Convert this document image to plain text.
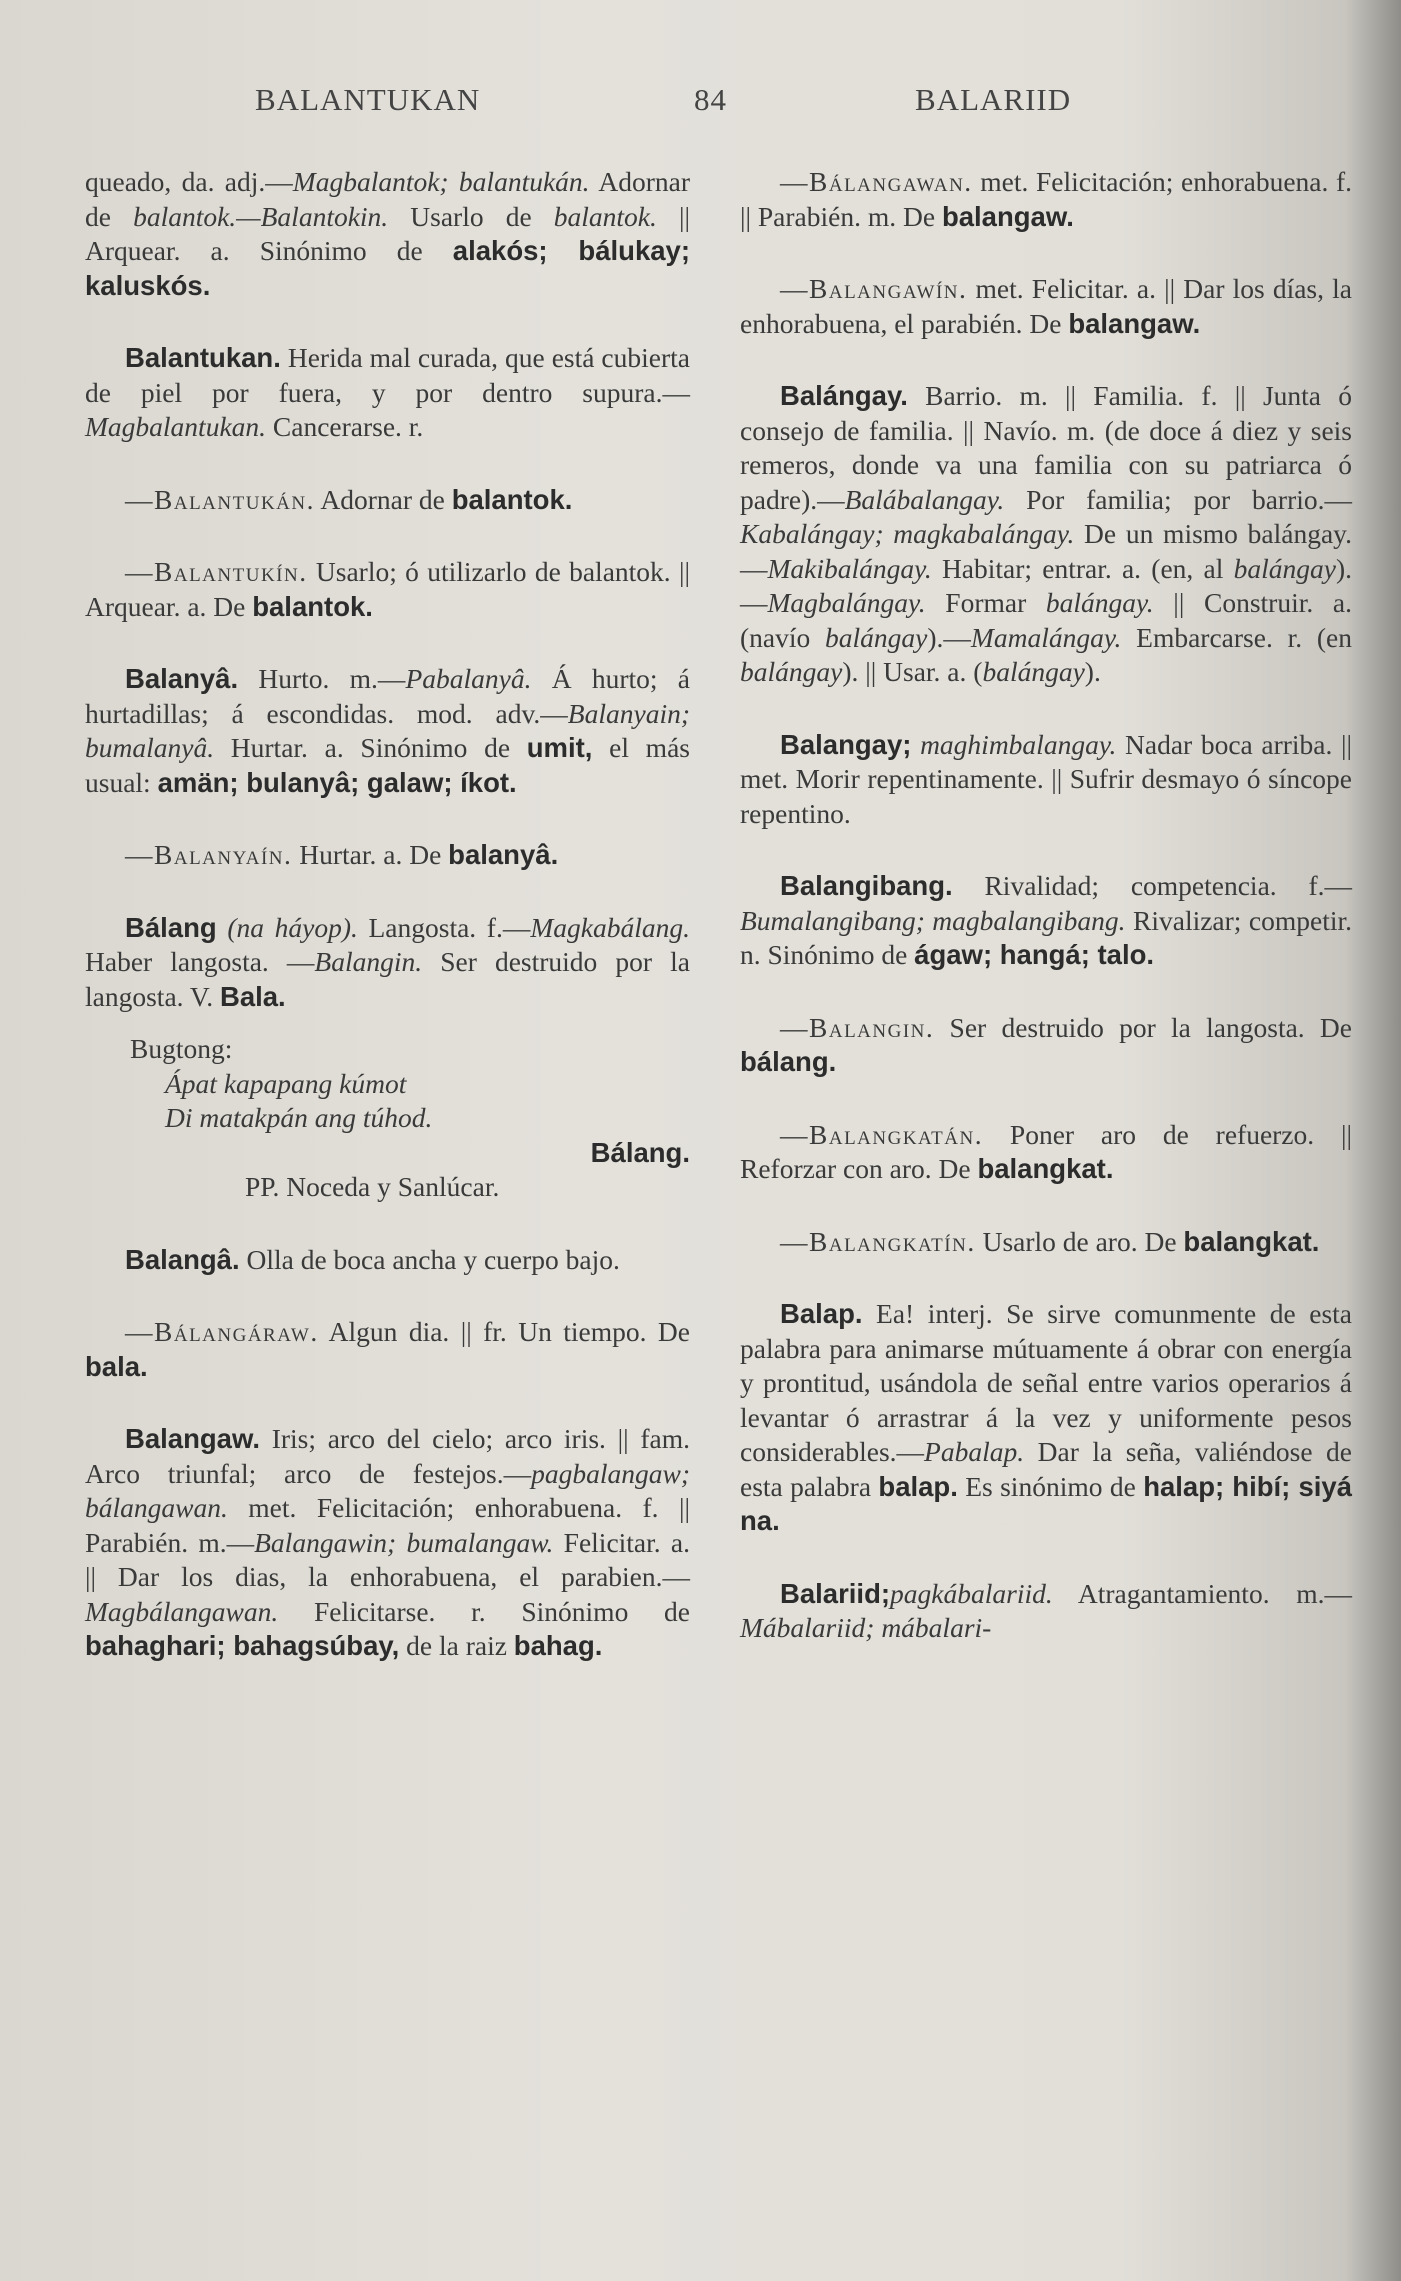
BALANTUKAN	84	BALARIID

queado, da. adj.—Magbalantok; balantukán. Adornar de balantok.—Balantokin. Usarlo de balantok. || Arquear. a. Sinónimo de alakós; bálukay; kaluskós.

Balantukan. Herida mal curada, que está cubierta de piel por fuera, y por dentro supura.—Magbalantukan. Cancerarse. r.

—Balantukán. Adornar de balantok.

—Balantukín. Usarlo; ó utilizarlo de balantok. || Arquear. a. De balantok.

Balanyâ. Hurto. m.—Pabalanyâ. Á hurto; á hurtadillas; á escondidas. mod. adv.—Balanyain; bumalanyâ. Hurtar. a. Sinónimo de umit, el más usual: amän; bulanyâ; galaw; íkot.

—Balanyaín. Hurtar. a. De balanyâ.

Bálang (na háyop). Langosta. f.—Magkabálang. Haber langosta. —Balangin. Ser destruido por la langosta. V. Bala.

Bugtong:
Ápat kapapang kúmot
Di matakpán ang túhod.
Bálang.
PP. Noceda y Sanlúcar.

Balangâ. Olla de boca ancha y cuerpo bajo.

—Bálangáraw. Algun dia. || fr. Un tiempo. De bala.

Balangaw. Iris; arco del cielo; arco iris. || fam. Arco triunfal; arco de festejos.—pagbalangaw; bálangawan. met. Felicitación; enhorabuena. f. || Parabién. m.—Balangawin; bumalangaw. Felicitar. a. || Dar los dias, la enhorabuena, el parabien.—Magbálangawan. Felicitarse. r. Sinónimo de bahaghari; bahagsúbay, de la raiz bahag.

—Bálangawan. met. Felicitación; enhorabuena. f. || Parabién. m. De balangaw.

—Balangawín. met. Felicitar. a. || Dar los días, la enhorabuena, el parabién. De balangaw.

Balángay. Barrio. m. || Familia. f. || Junta ó consejo de familia. || Navío. m. (de doce á diez y seis remeros, donde va una familia con su patriarca ó padre).—Balábalangay. Por familia; por barrio.—Kabalángay; magkabalángay. De un mismo balángay.—Makibalángay. Habitar; entrar. a. (en, al balángay).—Magbalángay. Formar balángay. || Construir. a. (navío balángay).—Mamalángay. Embarcarse. r. (en balángay). || Usar. a. (balángay).

Balangay; maghimbalangay. Nadar boca arriba. || met. Morir repentinamente. || Sufrir desmayo ó síncope repentino.

Balangibang. Rivalidad; competencia. f.—Bumalangibang; magbalangibang. Rivalizar; competir. n. Sinónimo de ágaw; hangá; talo.

—Balangin. Ser destruido por la langosta. De bálang.

—Balangkatán. Poner aro de refuerzo. || Reforzar con aro. De balangkat.

—Balangkatín. Usarlo de aro. De balangkat.

Balap. Ea! interj. Se sirve comunmente de esta palabra para animarse mútuamente á obrar con energía y prontitud, usándola de señal entre varios operarios á levantar ó arrastrar á la vez y uniformente pesos considerables.—Pabalap. Dar la seña, valiéndose de esta palabra balap. Es sinónimo de halap; hibí; siyá na.

Balariid;pagkábalariid. Atragantamiento. m.—Mábalariid; mábalari-
